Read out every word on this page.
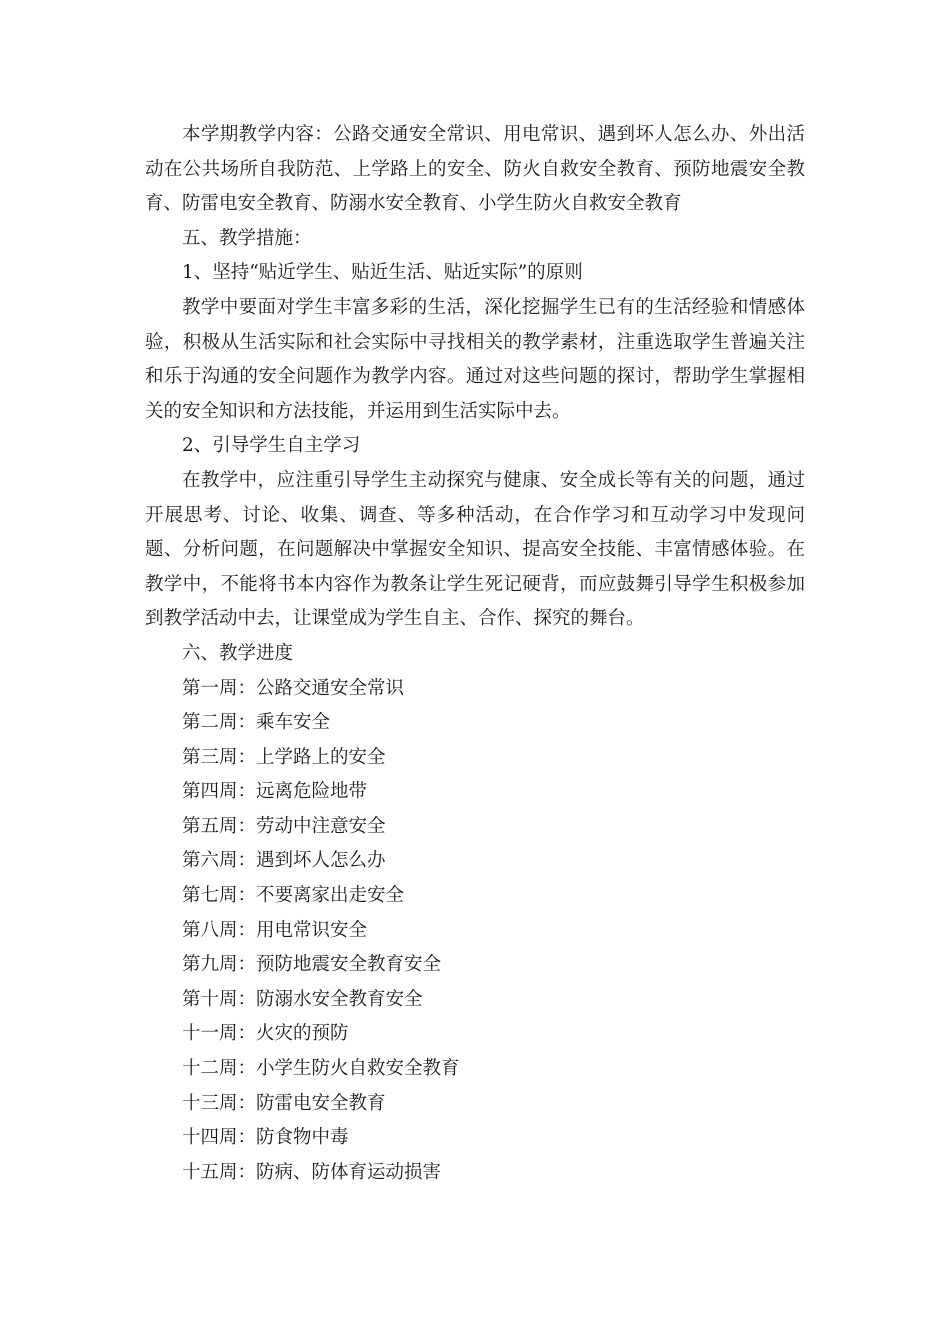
本学期教学内容：公路交通安全常识、用电常识、遇到坏人怎么办、外出活动在公共场所自我防范、上学路上的安全、防火自救安全教育、预防地震安全教育、防雷电安全教育、防溺水安全教育、小学生防火自救安全教育

五、教学措施：

1、坚持“贴近学生、贴近生活、贴近实际”的原则

教学中要面对学生丰富多彩的生活，深化挖掘学生已有的生活经验和情感体验，积极从生活实际和社会实际中寻找相关的教学素材，注重选取学生普遍关注和乐于沟通的安全问题作为教学内容。通过对这些问题的探讨，帮助学生掌握相关的安全知识和方法技能，并运用到生活实际中去。

2、引导学生自主学习

在教学中，应注重引导学生主动探究与健康、安全成长等有关的问题，通过开展思考、讨论、收集、调查、等多种活动，在合作学习和互动学习中发现问题、分析问题，在问题解决中掌握安全知识、提高安全技能、丰富情感体验。在教学中，不能将书本内容作为教条让学生死记硬背，而应鼓舞引导学生积极参加到教学活动中去，让课堂成为学生自主、合作、探究的舞台。

六、教学进度

第一周：公路交通安全常识

第二周：乘车安全

第三周：上学路上的安全

第四周：远离危险地带

第五周：劳动中注意安全

第六周：遇到坏人怎么办

第七周：不要离家出走安全

第八周：用电常识安全

第九周：预防地震安全教育安全

第十周：防溺水安全教育安全

十一周：火灾的预防

十二周：小学生防火自救安全教育

十三周：防雷电安全教育

十四周：防食物中毒

十五周：防病、防体育运动损害
